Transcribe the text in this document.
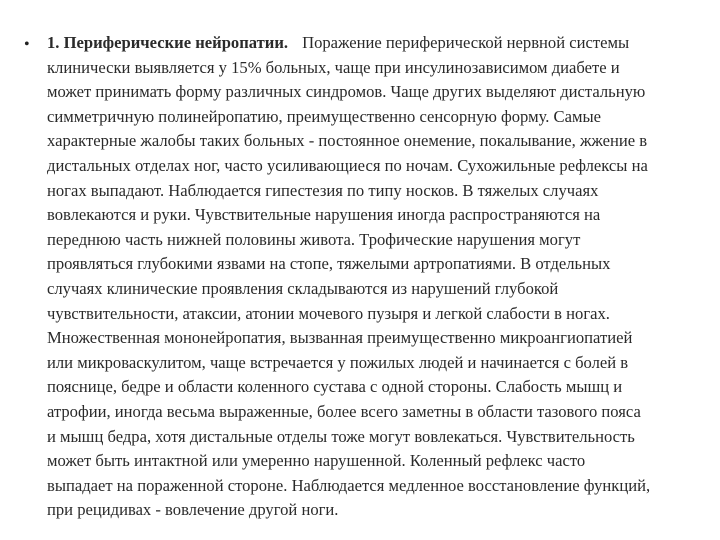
• 1. Периферические нейропатии. Поражение периферической нервной системы
клинически выявляется у 15% больных, чаще при инсулинозависимом диабете и
может принимать форму различных синдромов. Чаще других выделяют дистальную
симметричную полинейропатию, преимущественно сенсорную форму. Самые
характерные жалобы таких больных - постоянное онемение, покалывание, жжение в
дистальных отделах ног, часто усиливающиеся по ночам. Сухожильные рефлексы на
ногах выпадают. Наблюдается гипестезия по типу носков. В тяжелых случаях
вовлекаются и руки. Чувствительные нарушения иногда распространяются на
переднюю часть нижней половины живота. Трофические нарушения могут
проявляться глубокими язвами на стопе, тяжелыми артропатиями. В отдельных
случаях клинические проявления складываются из нарушений глубокой
чувствительности, атаксии, атонии мочевого пузыря и легкой слабости в ногах.
Множественная мононейропатия, вызванная преимущественно микроангиопатией
или микроваскулитом, чаще встречается у пожилых людей и начинается с болей в
пояснице, бедре и области коленного сустава с одной стороны. Слабость мышц и
атрофии, иногда весьма выраженные, более всего заметны в области тазового пояса
и мышц бедра, хотя дистальные отделы тоже могут вовлекаться. Чувствительность
может быть интактной или умеренно нарушенной. Коленный рефлекс часто
выпадает на пораженной стороне. Наблюдается медленное восстановление функций,
при рецидивах - вовлечение другой ноги.
